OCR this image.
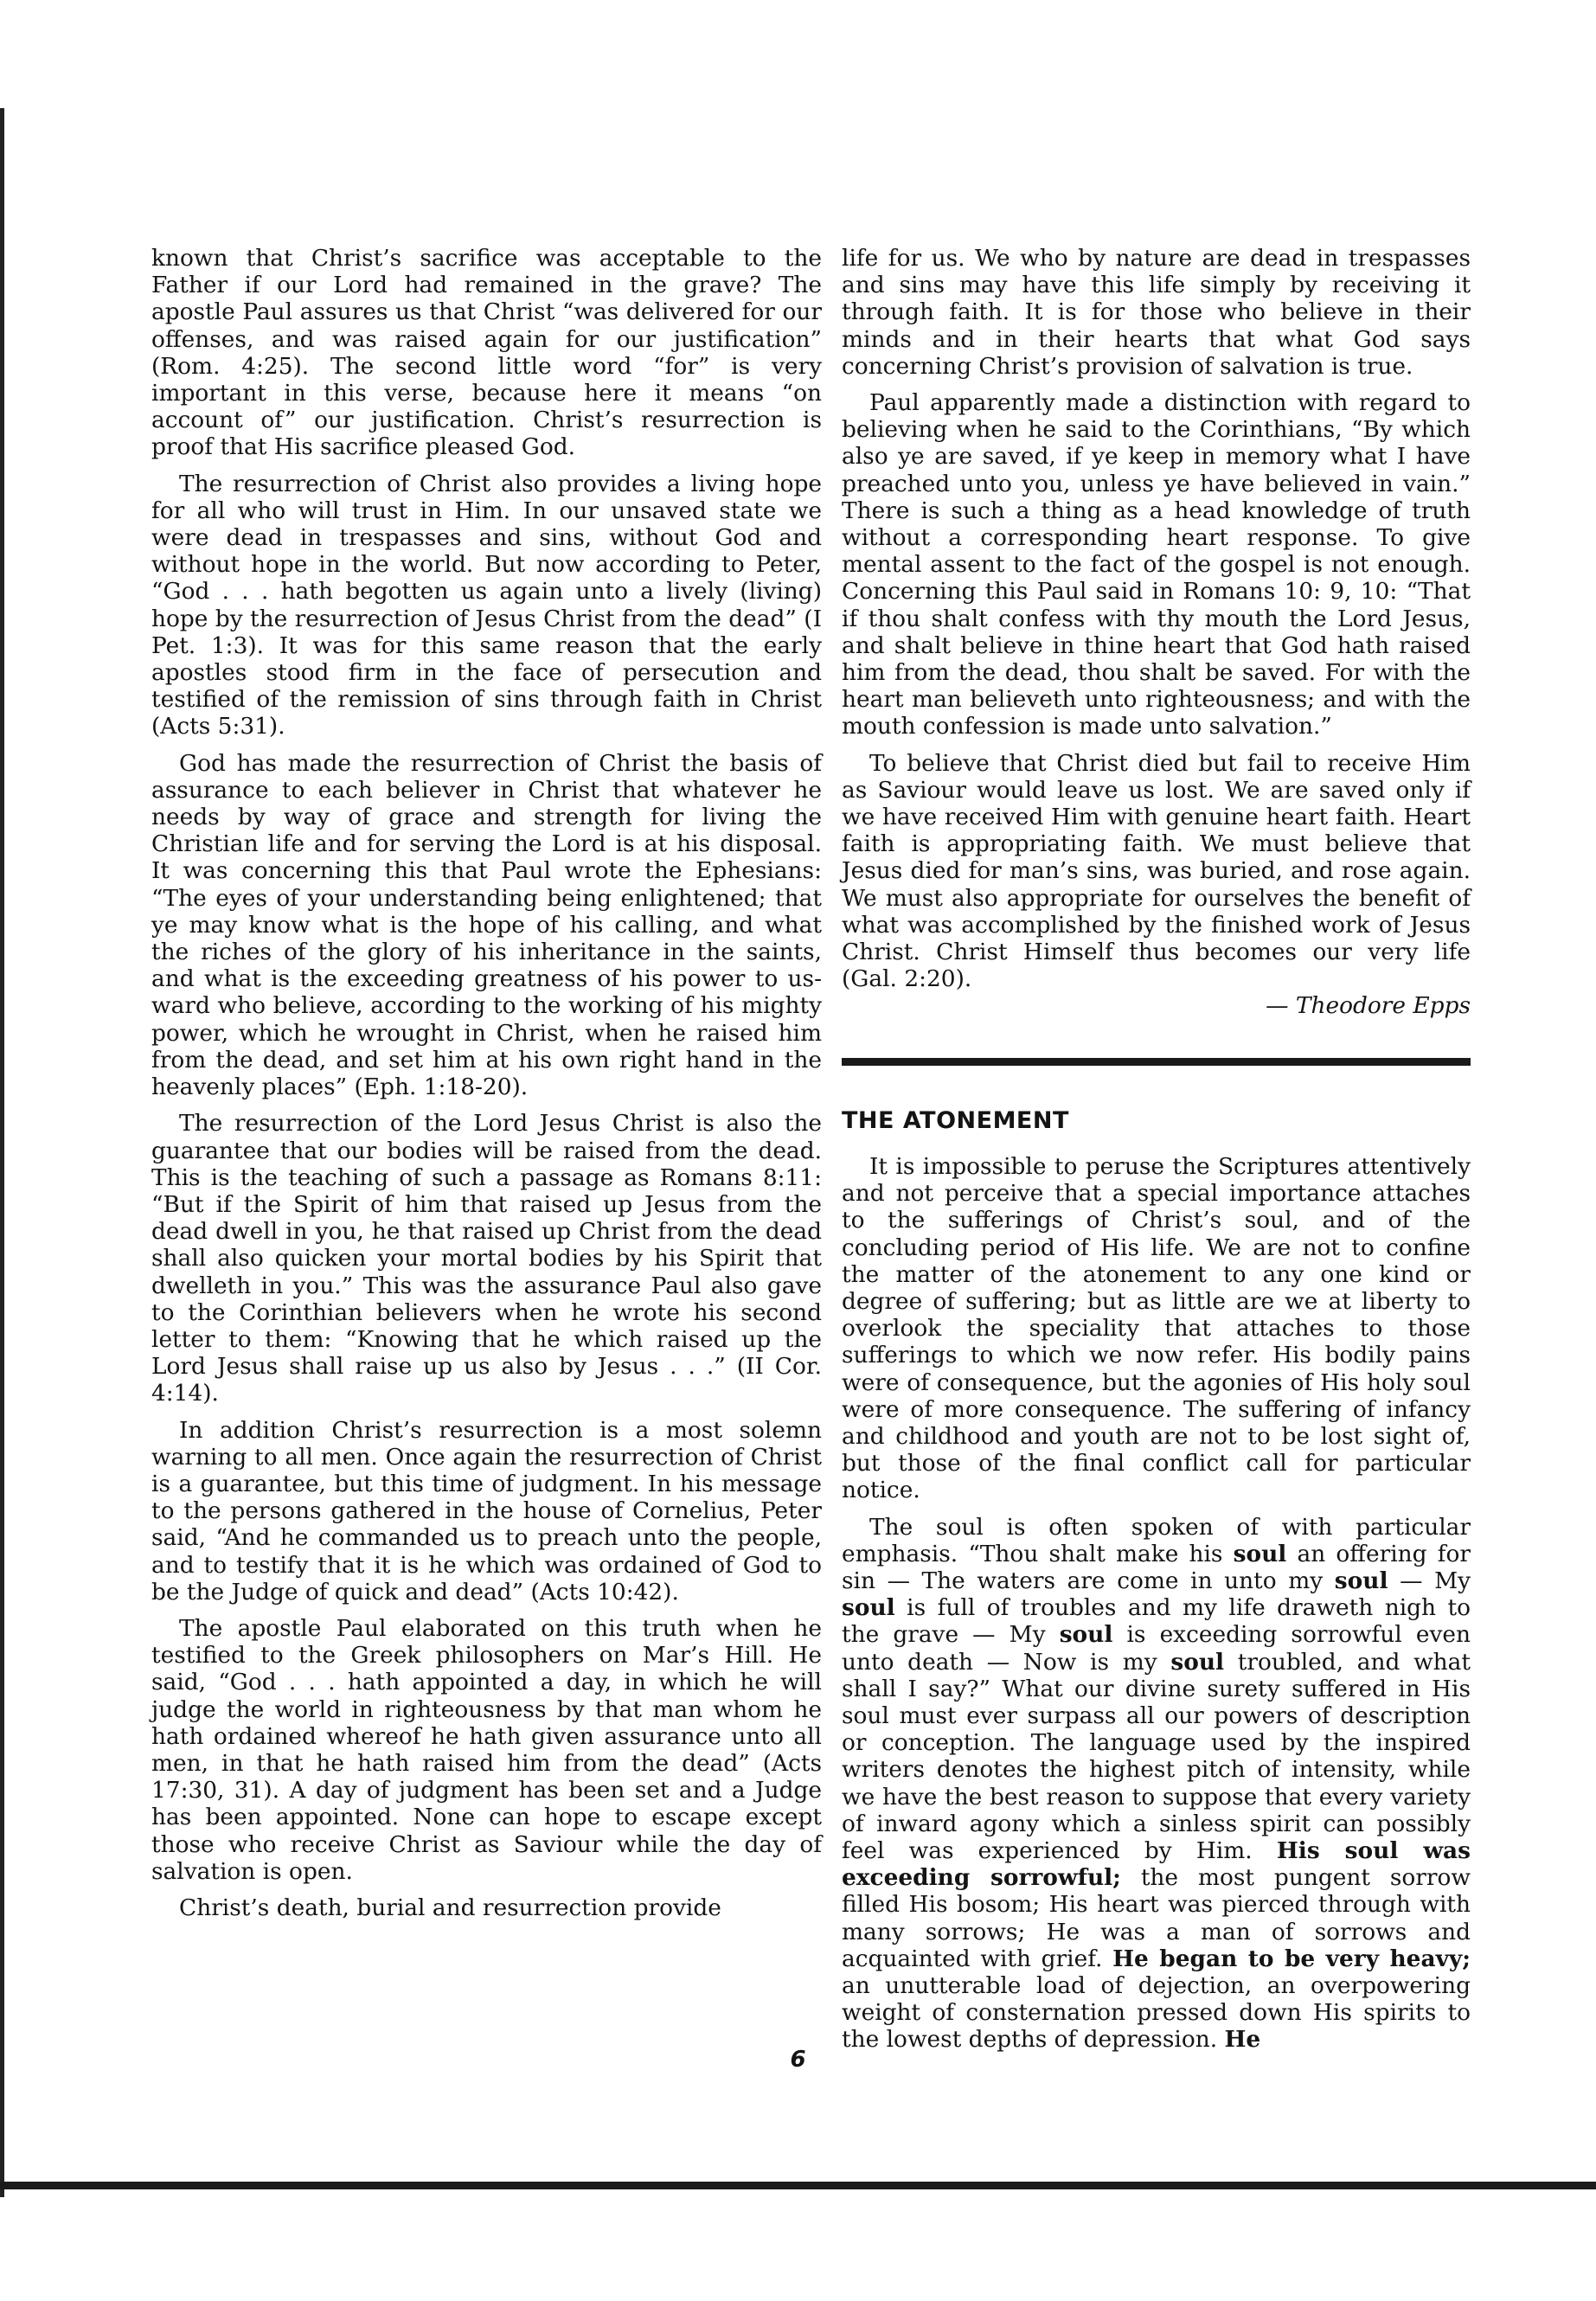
known that Christ’s sacrifice was acceptable to the Father if our Lord had remained in the grave? The apostle Paul assures us that Christ “was delivered for our offenses, and was raised again for our justification” (Rom. 4:25). The second little word “for” is very important in this verse, because here it means “on account of” our justification. Christ’s resurrection is proof that His sacrifice pleased God.

The resurrection of Christ also provides a living hope for all who will trust in Him. In our unsaved state we were dead in trespasses and sins, without God and without hope in the world. But now according to Peter, “God . . . hath begotten us again unto a lively (living) hope by the resurrection of Jesus Christ from the dead” (I Pet. 1:3). It was for this same reason that the early apostles stood firm in the face of persecution and testified of the remission of sins through faith in Christ (Acts 5:31).

God has made the resurrection of Christ the basis of assurance to each believer in Christ that whatever he needs by way of grace and strength for living the Christian life and for serving the Lord is at his disposal. It was concerning this that Paul wrote the Ephesians: “The eyes of your understanding being enlightened; that ye may know what is the hope of his calling, and what the riches of the glory of his inheritance in the saints, and what is the exceeding greatness of his power to us-ward who believe, according to the working of his mighty power, which he wrought in Christ, when he raised him from the dead, and set him at his own right hand in the heavenly places” (Eph. 1:18-20).

The resurrection of the Lord Jesus Christ is also the guarantee that our bodies will be raised from the dead. This is the teaching of such a passage as Romans 8:11: “But if the Spirit of him that raised up Jesus from the dead dwell in you, he that raised up Christ from the dead shall also quicken your mortal bodies by his Spirit that dwelleth in you.” This was the assurance Paul also gave to the Corinthian believers when he wrote his second letter to them: “Knowing that he which raised up the Lord Jesus shall raise up us also by Jesus . . .” (II Cor. 4:14).

In addition Christ’s resurrection is a most solemn warning to all men. Once again the resurrection of Christ is a guarantee, but this time of judgment. In his message to the persons gathered in the house of Cornelius, Peter said, “And he commanded us to preach unto the people, and to testify that it is he which was ordained of God to be the Judge of quick and dead” (Acts 10:42).

The apostle Paul elaborated on this truth when he testified to the Greek philosophers on Mar’s Hill. He said, “God . . . hath appointed a day, in which he will judge the world in righteousness by that man whom he hath ordained whereof he hath given assurance unto all men, in that he hath raised him from the dead” (Acts 17:30, 31). A day of judgment has been set and a Judge has been appointed. None can hope to escape except those who receive Christ as Saviour while the day of salvation is open.

Christ’s death, burial and resurrection provide

life for us. We who by nature are dead in trespasses and sins may have this life simply by receiving it through faith. It is for those who believe in their minds and in their hearts that what God says concerning Christ’s provision of salvation is true.

Paul apparently made a distinction with regard to believing when he said to the Corinthians, “By which also ye are saved, if ye keep in memory what I have preached unto you, unless ye have believed in vain.” There is such a thing as a head knowledge of truth without a corresponding heart response. To give mental assent to the fact of the gospel is not enough. Concerning this Paul said in Romans 10: 9, 10: “That if thou shalt confess with thy mouth the Lord Jesus, and shalt believe in thine heart that God hath raised him from the dead, thou shalt be saved. For with the heart man believeth unto righteousness; and with the mouth confession is made unto salvation.”

To believe that Christ died but fail to receive Him as Saviour would leave us lost. We are saved only if we have received Him with genuine heart faith. Heart faith is appropriating faith. We must believe that Jesus died for man’s sins, was buried, and rose again. We must also appropriate for ourselves the benefit of what was accomplished by the finished work of Jesus Christ. Christ Himself thus becomes our very life (Gal. 2:20).

— Theodore Epps
THE ATONEMENT

It is impossible to peruse the Scriptures attentively and not perceive that a special importance attaches to the sufferings of Christ’s soul, and of the concluding period of His life. We are not to confine the matter of the atonement to any one kind or degree of suffering; but as little are we at liberty to overlook the speciality that attaches to those sufferings to which we now refer. His bodily pains were of consequence, but the agonies of His holy soul were of more consequence. The suffering of infancy and childhood and youth are not to be lost sight of, but those of the final conflict call for particular notice.

The soul is often spoken of with particular emphasis. “Thou shalt make his soul an offering for sin — The waters are come in unto my soul — My soul is full of troubles and my life draweth nigh to the grave — My soul is exceeding sorrowful even unto death — Now is my soul troubled, and what shall I say?” What our divine surety suffered in His soul must ever surpass all our powers of description or conception. The language used by the inspired writers denotes the highest pitch of intensity, while we have the best reason to suppose that every variety of inward agony which a sinless spirit can possibly feel was experienced by Him. His soul was exceeding sorrowful; the most pungent sorrow filled His bosom; His heart was pierced through with many sorrows; He was a man of sorrows and acquainted with grief. He began to be very heavy; an unutterable load of dejection, an overpowering weight of consternation pressed down His spirits to the lowest depths of depression. He

6
